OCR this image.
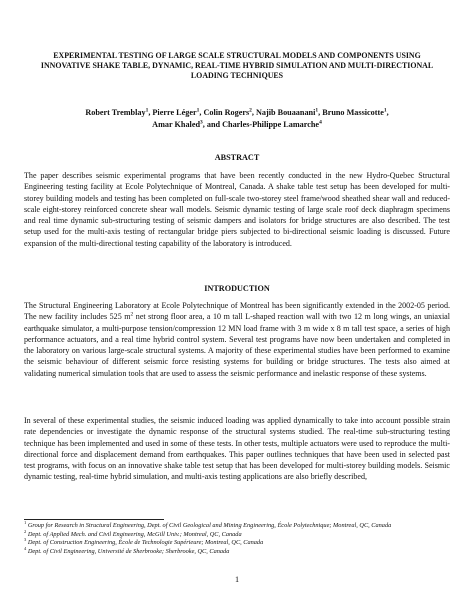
EXPERIMENTAL TESTING OF LARGE SCALE STRUCTURAL MODELS AND COMPONENTS USING INNOVATIVE SHAKE TABLE, DYNAMIC, REAL-TIME HYBRID SIMULATION AND MULTI-DIRECTIONAL LOADING TECHNIQUES
Robert Tremblay$^1$, Pierre Léger$^1$, Colin Rogers$^2$, Najib Bouaanani$^1$, Bruno Massicotte$^1$,
Amar Khaled$^3$, and Charles-Philippe Lamarche$^4$
ABSTRACT
The paper describes seismic experimental programs that have been recently conducted in the new Hydro-Quebec Structural Engineering testing facility at Ecole Polytechnique of Montreal, Canada. A shake table test setup has been developed for multi-storey building models and testing has been completed on full-scale two-storey steel frame/wood sheathed shear wall and reduced-scale eight-storey reinforced concrete shear wall models. Seismic dynamic testing of large scale roof deck diaphragm specimens and real time dynamic sub-structuring testing of seismic dampers and isolators for bridge structures are also described. The test setup used for the multi-axis testing of rectangular bridge piers subjected to bi-directional seismic loading is discussed. Future expansion of the multi-directional testing capability of the laboratory is introduced.
INTRODUCTION
The Structural Engineering Laboratory at Ecole Polytechnique of Montreal has been significantly extended in the 2002-05 period. The new facility includes 525 $m^2$ net strong floor area, a 10 m tall L-shaped reaction wall with two 12 m long wings, an uniaxial earthquake simulator, a multi-purpose tension/compression 12 MN load frame with 3 m wide x 8 m tall test space, a series of high performance actuators, and a real time hybrid control system. Several test programs have now been undertaken and completed in the laboratory on various large-scale structural systems. A majority of these experimental studies have been performed to examine the seismic behaviour of different seismic force resisting systems for building or bridge structures. The tests also aimed at validating numerical simulation tools that are used to assess the seismic performance and inelastic response of these systems.
In several of these experimental studies, the seismic induced loading was applied dynamically to take into account possible strain rate dependencies or investigate the dynamic response of the structural systems studied. The real-time sub-structuring testing technique has been implemented and used in some of these tests. In other tests, multiple actuators were used to reproduce the multi-directional force and displacement demand from earthquakes. This paper outlines techniques that have been used in selected past test programs, with focus on an innovative shake table test setup that has been developed for multi-storey building models. Seismic dynamic testing, real-time hybrid simulation, and multi-axis testing applications are also briefly described,
$^1$ Group for Research in Structural Engineering, Dept. of Civil Geological and Mining Engineering, École Polytechnique; Montreal, QC, Canada
$^2$ Dept. of Applied Mech. and Civil Engineering, McGill Univ.; Montreal, QC, Canada
$^3$ Dept. of Construction Engineering, École de Technologie Supérieure; Montreal, QC, Canada
$^4$ Dept. of Civil Engineering, Université de Sherbrooke; Sherbrooke, QC, Canada
1
